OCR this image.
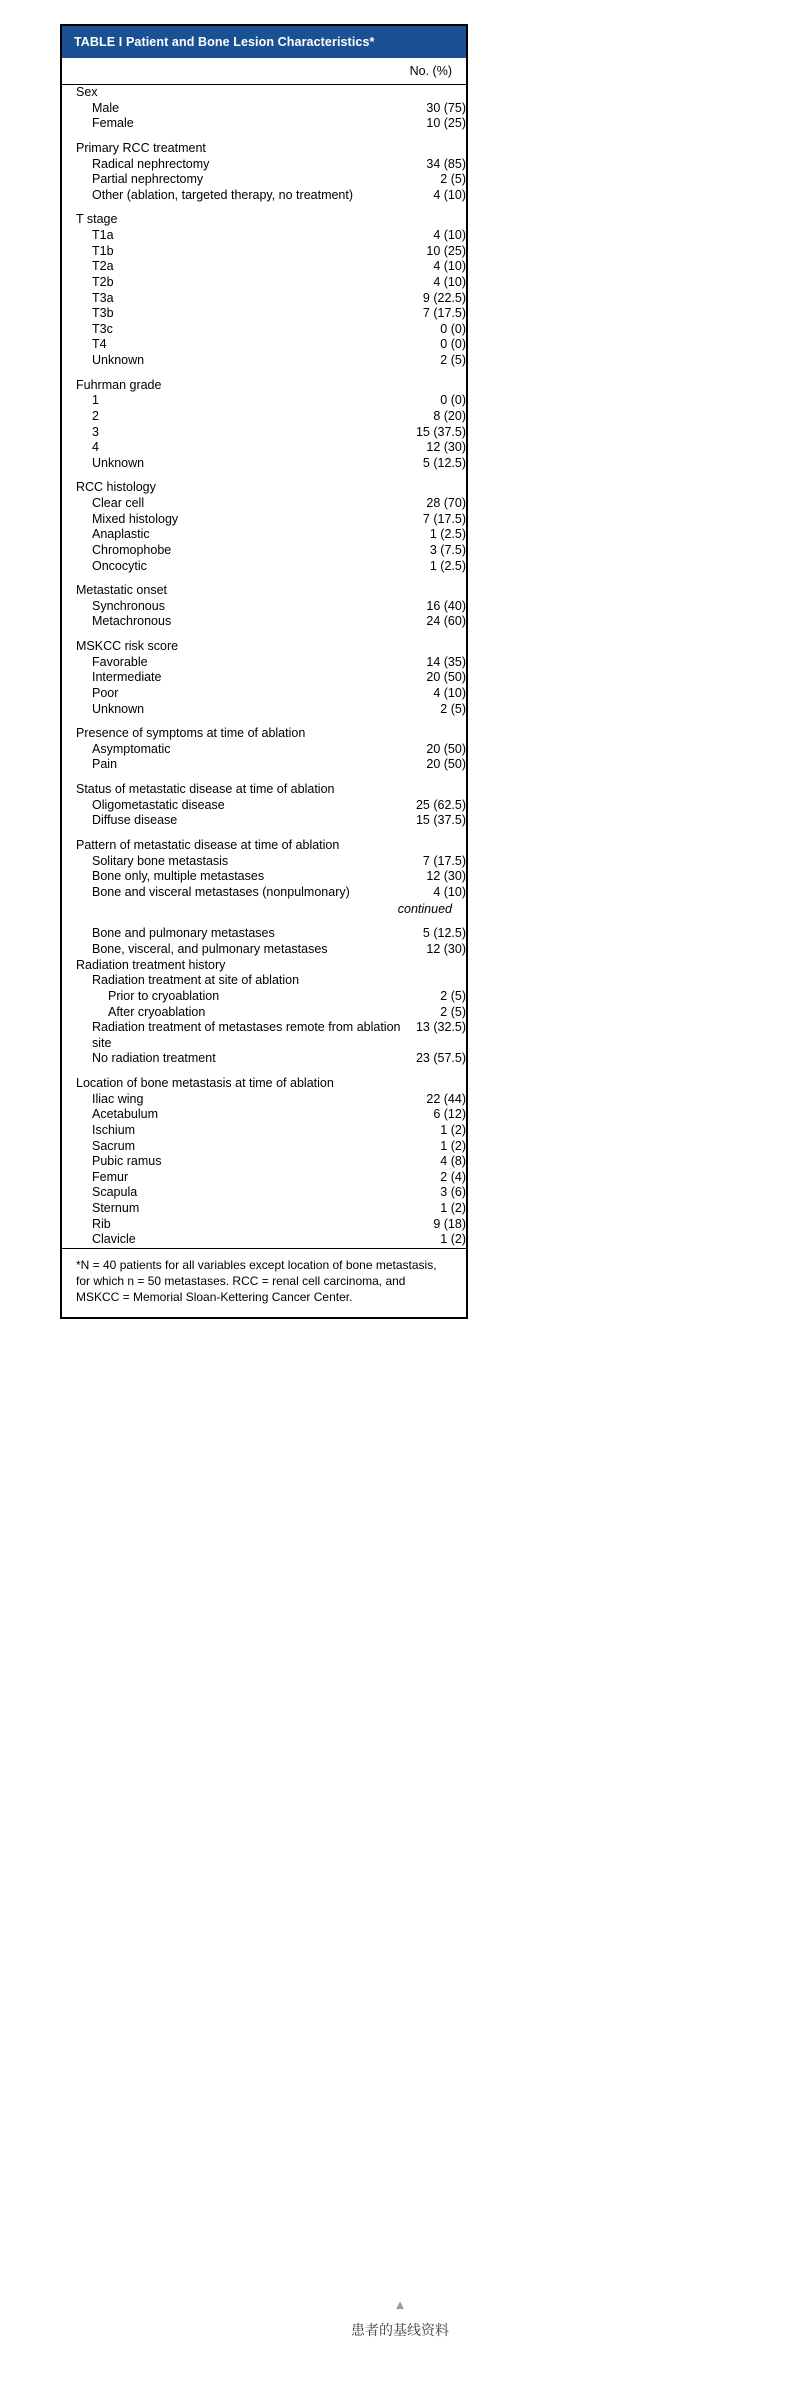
TABLE I Patient and Bone Lesion Characteristics*
No. (%)
Sex	
Male	30 (75)
Female	10 (25)
Primary RCC treatment	
Radical nephrectomy	34 (85)
Partial nephrectomy	2 (5)
Other (ablation, targeted therapy, no treatment)	4 (10)
T stage	
T1a	4 (10)
T1b	10 (25)
T2a	4 (10)
T2b	4 (10)
T3a	9 (22.5)
T3b	7 (17.5)
T3c	0 (0)
T4	0 (0)
Unknown	2 (5)
Fuhrman grade	
1	0 (0)
2	8 (20)
3	15 (37.5)
4	12 (30)
Unknown	5 (12.5)
RCC histology	
Clear cell	28 (70)
Mixed histology	7 (17.5)
Anaplastic	1 (2.5)
Chromophobe	3 (7.5)
Oncocytic	1 (2.5)
Metastatic onset	
Synchronous	16 (40)
Metachronous	24 (60)
MSKCC risk score	
Favorable	14 (35)
Intermediate	20 (50)
Poor	4 (10)
Unknown	2 (5)
Presence of symptoms at time of ablation	
Asymptomatic	20 (50)
Pain	20 (50)
Status of metastatic disease at time of ablation	
Oligometastatic disease	25 (62.5)
Diffuse disease	15 (37.5)
Pattern of metastatic disease at time of ablation	
Solitary bone metastasis	7 (17.5)
Bone only, multiple metastases	12 (30)
Bone and visceral metastases (nonpulmonary)	4 (10)
continued	
Bone and pulmonary metastases	5 (12.5)
Bone, visceral, and pulmonary metastases	12 (30)
Radiation treatment history	
Radiation treatment at site of ablation	
Prior to cryoablation	2 (5)
After cryoablation	2 (5)
Radiation treatment of metastases remote from ablation site	13 (32.5)
No radiation treatment	23 (57.5)
Location of bone metastasis at time of ablation	
Iliac wing	22 (44)
Acetabulum	6 (12)
Ischium	1 (2)
Sacrum	1 (2)
Pubic ramus	4 (8)
Femur	2 (4)
Scapula	3 (6)
Sternum	1 (2)
Rib	9 (18)
Clavicle	1 (2)
*N = 40 patients for all variables except location of bone metastasis, for which n = 50 metastases. RCC = renal cell carcinoma, and MSKCC = Memorial Sloan-Kettering Cancer Center.
▲
患者的基线资料
